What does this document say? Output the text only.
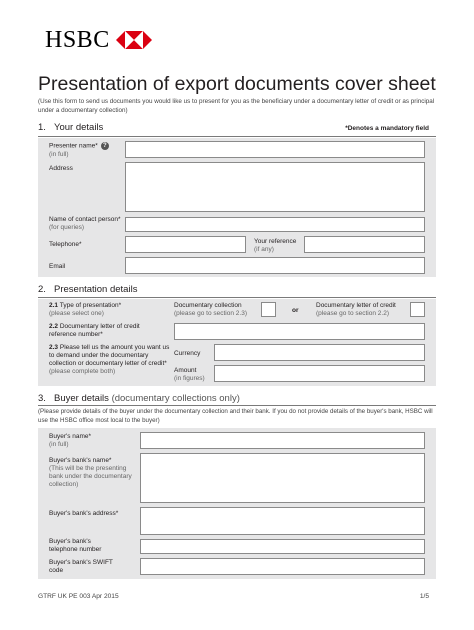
HSBC
Presentation of export documents cover sheet

(Use this form to send us documents you would like us to present for you as the beneficiary under a documentary letter of credit or as principal under a documentary collection)

1. Your details	*Denotes a mandatory field
Presenter name* ?
(in full)
Address
Name of contact person* (for queries)
Telephone*	Your reference
(if any)
Email
2. Presentation details
2.1 Type of presentation*
(please select one)
Documentary collection
(please go to section 2.3)	or
Documentary letter of credit
(please go to section 2.2)
2.2 Documentary letter of credit reference number*
2.3 Please tell us the amount you want us to demand under the documentary collection or documentary letter of credit*
(please complete both)
Currency
Amount
(in figures)
3. Buyer details (documentary collections only)

(Please provide details of the buyer under the documentary collection and their bank. If you do not provide details of the buyer's bank, HSBC will use the HSBC office most local to the buyer)

Buyer's name*
(in full)
Buyer's bank's name*
(This will be the presenting bank under the documentary collection)
Buyer's bank's address*
Buyer's bank's telephone number
Buyer's bank's SWIFT code
GTRF UK PE 003 Apr 2015	1/5
